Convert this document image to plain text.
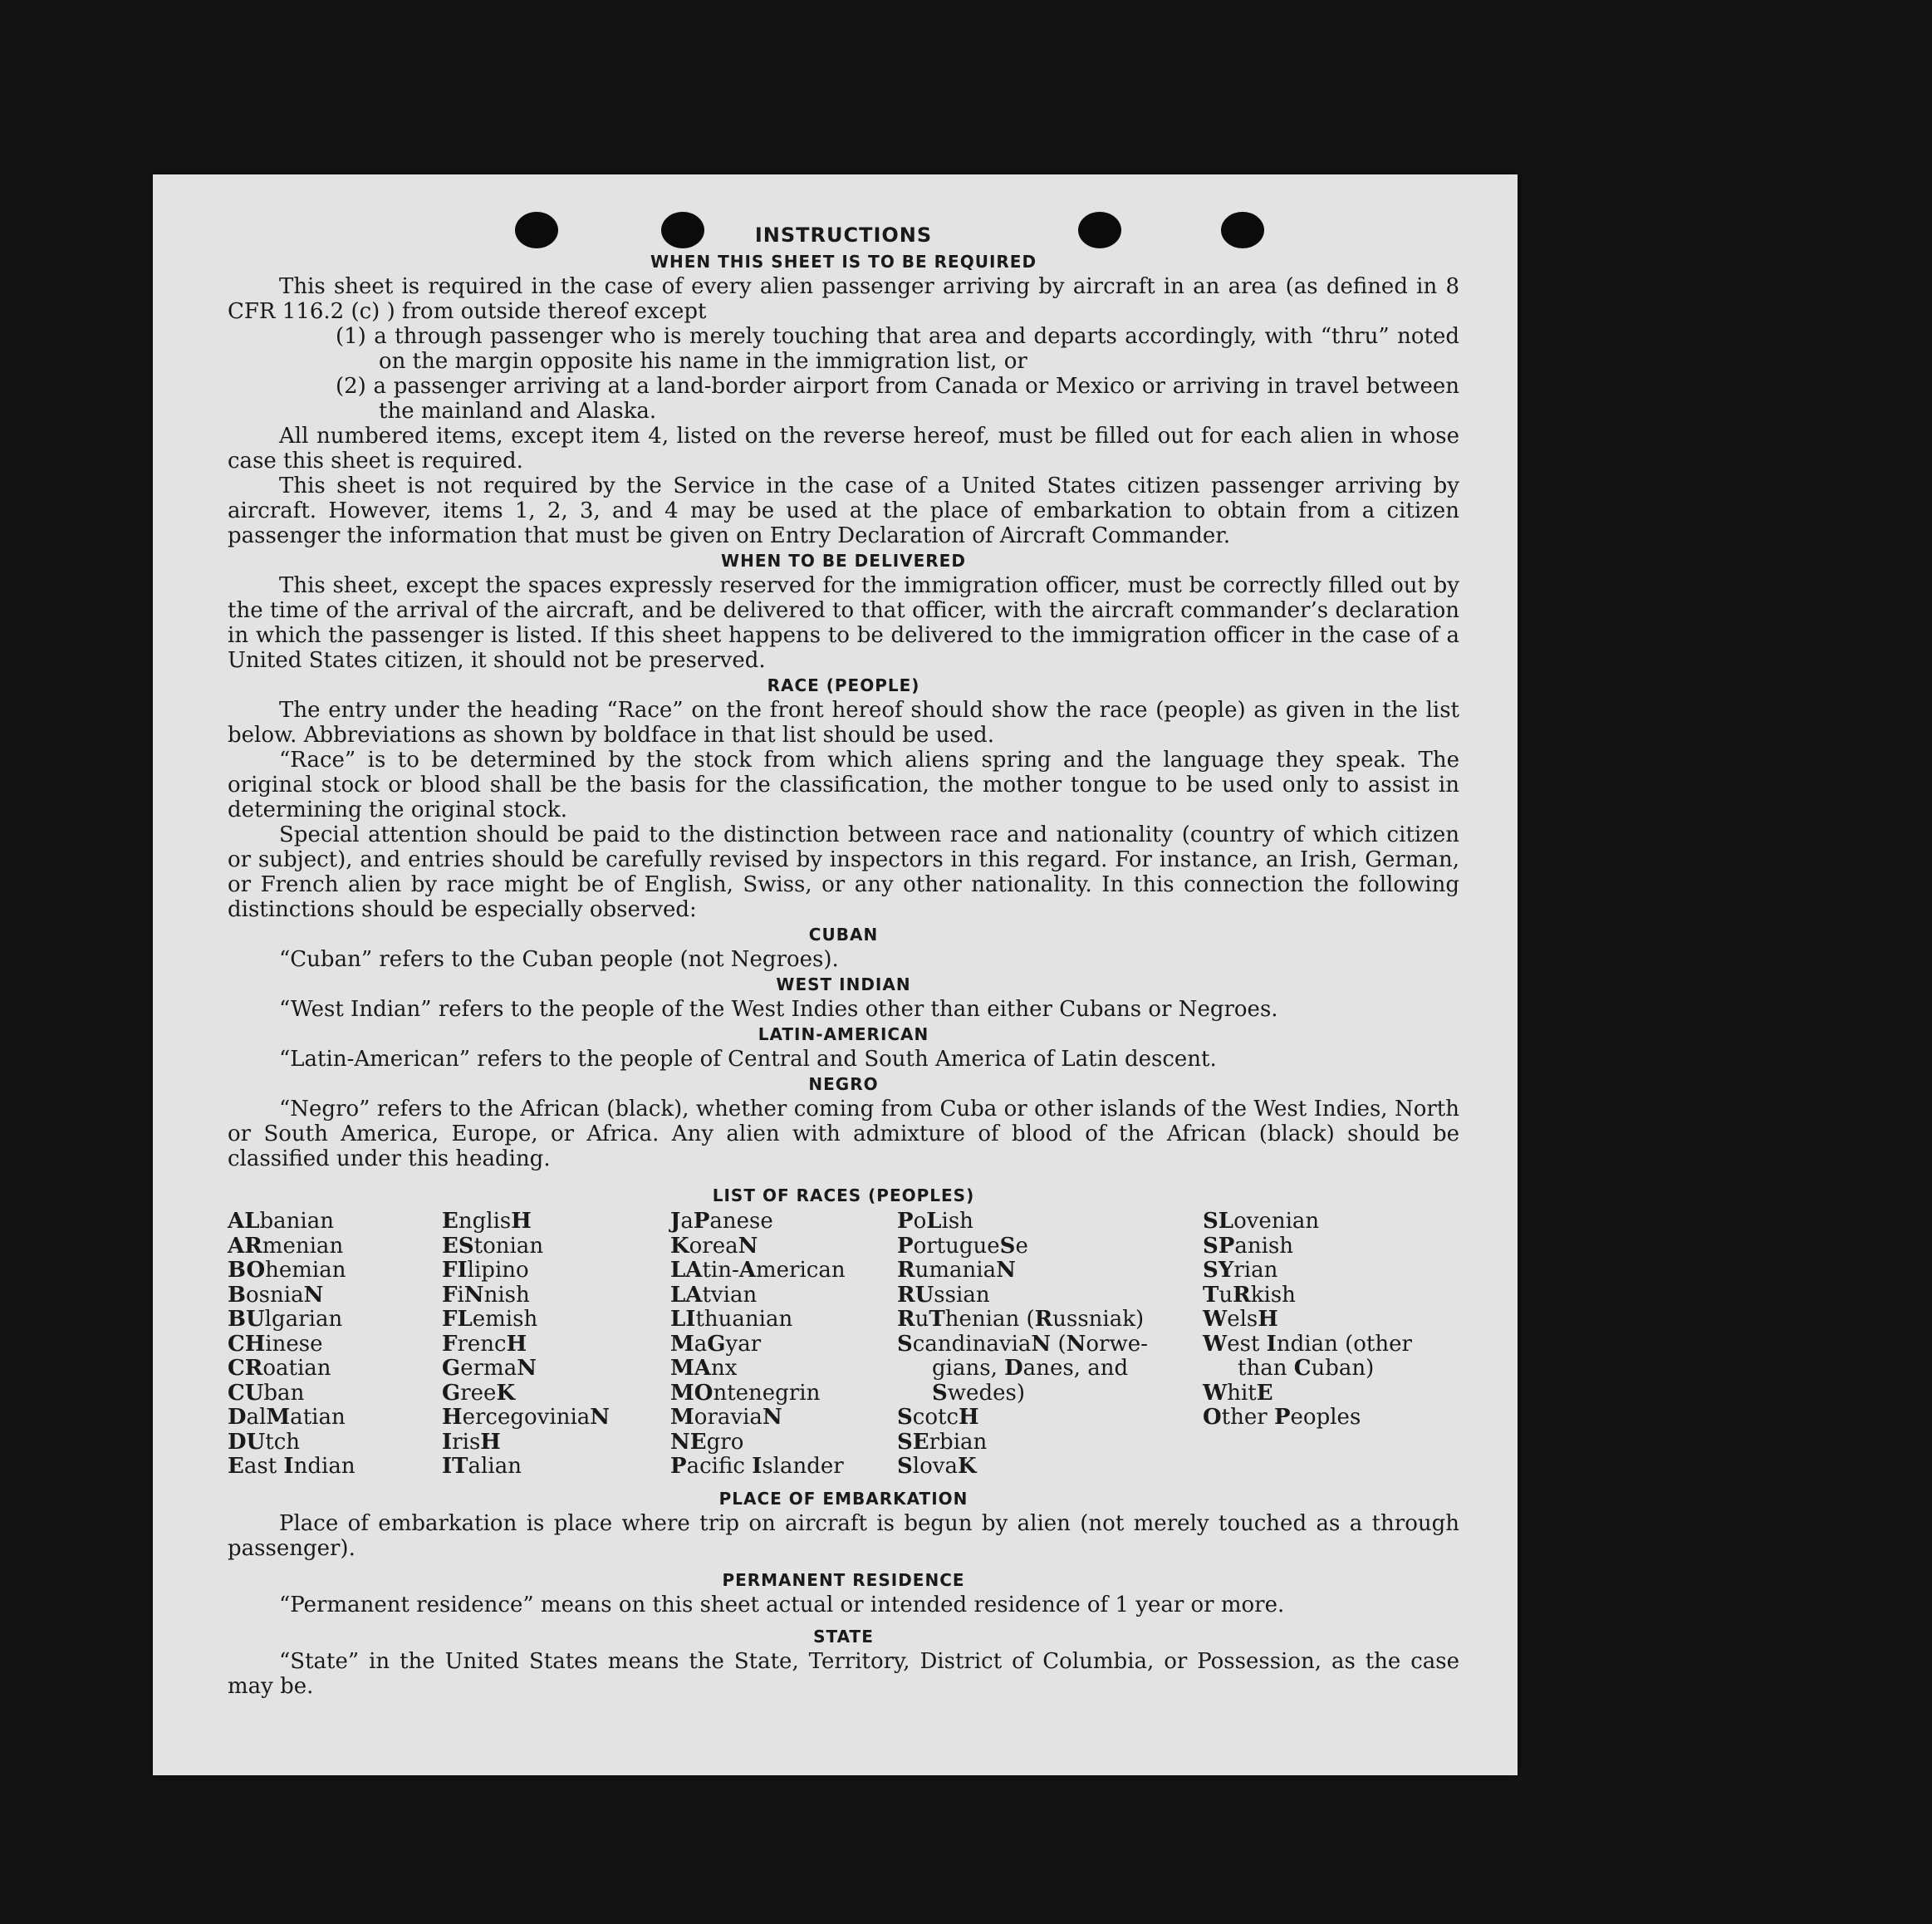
INSTRUCTIONS
WHEN THIS SHEET IS TO BE REQUIRED

This sheet is required in the case of every alien passenger arriving by aircraft in an area (as defined in 8 CFR 116.2 (c) ) from outside thereof except

(1) a through passenger who is merely touching that area and departs accordingly, with “thru” noted on the margin opposite his name in the immigration list, or

(2) a passenger arriving at a land-border airport from Canada or Mexico or arriving in travel between the mainland and Alaska.

All numbered items, except item 4, listed on the reverse hereof, must be filled out for each alien in whose case this sheet is required.

This sheet is not required by the Service in the case of a United States citizen passenger arriving by aircraft. However, items 1, 2, 3, and 4 may be used at the place of embarkation to obtain from a citizen passenger the information that must be given on Entry Declaration of Aircraft Commander.

WHEN TO BE DELIVERED

This sheet, except the spaces expressly reserved for the immigration officer, must be correctly filled out by the time of the arrival of the aircraft, and be delivered to that officer, with the aircraft commander’s declaration in which the passenger is listed. If this sheet happens to be delivered to the immigration officer in the case of a United States citizen, it should not be preserved.

RACE (PEOPLE)

The entry under the heading “Race” on the front hereof should show the race (people) as given in the list below. Abbreviations as shown by boldface in that list should be used.

“Race” is to be determined by the stock from which aliens spring and the language they speak. The original stock or blood shall be the basis for the classification, the mother tongue to be used only to assist in determining the original stock.

Special attention should be paid to the distinction between race and nationality (country of which citizen or subject), and entries should be carefully revised by inspectors in this regard. For instance, an Irish, German, or French alien by race might be of English, Swiss, or any other nationality. In this connection the following distinctions should be especially observed:

CUBAN

“Cuban” refers to the Cuban people (not Negroes).

WEST INDIAN

“West Indian” refers to the people of the West Indies other than either Cubans or Negroes.

LATIN-AMERICAN

“Latin-American” refers to the people of Central and South America of Latin descent.

NEGRO

“Negro” refers to the African (black), whether coming from Cuba or other islands of the West Indies, North or South America, Europe, or Africa. Any alien with admixture of blood of the African (black) should be classified under this heading.

LIST OF RACES (PEOPLES)
ALbanian
ARmenian
BOhemian
BosniaN
BUlgarian
CHinese
CRoatian
CUban
DalMatian
DUtch
East Indian
EnglisH
EStonian
FIlipino
FiNnish
FLemish
FrencH
GermaN
GreeK
HercegoviniaN
IrisH
ITalian
JaPanese
KoreaN
LAtin-American
LAtvian
LIthuanian
MaGyar
MAnx
MOntenegrin
MoraviaN
NEgro
Pacifc Islander
PoLish
PortugueSe
RumaniaN
RUssian
RuThenian (Russniak)
ScandinaviaN (Norwe-
gians, Danes, and
Swedes)
ScotcH
SErbian
SlovaK
SLovenian
SPanish
SYrian
TuRkish
WelsH
West Indian (other
than Cuban)
WhitE
Other Peoples
PLACE OF EMBARKATION

Place of embarkation is place where trip on aircraft is begun by alien (not merely touched as a through passenger).

PERMANENT RESIDENCE

“Permanent residence” means on this sheet actual or intended residence of 1 year or more.

STATE

“State” in the United States means the State, Territory, District of Columbia, or Possession, as the case may be.
